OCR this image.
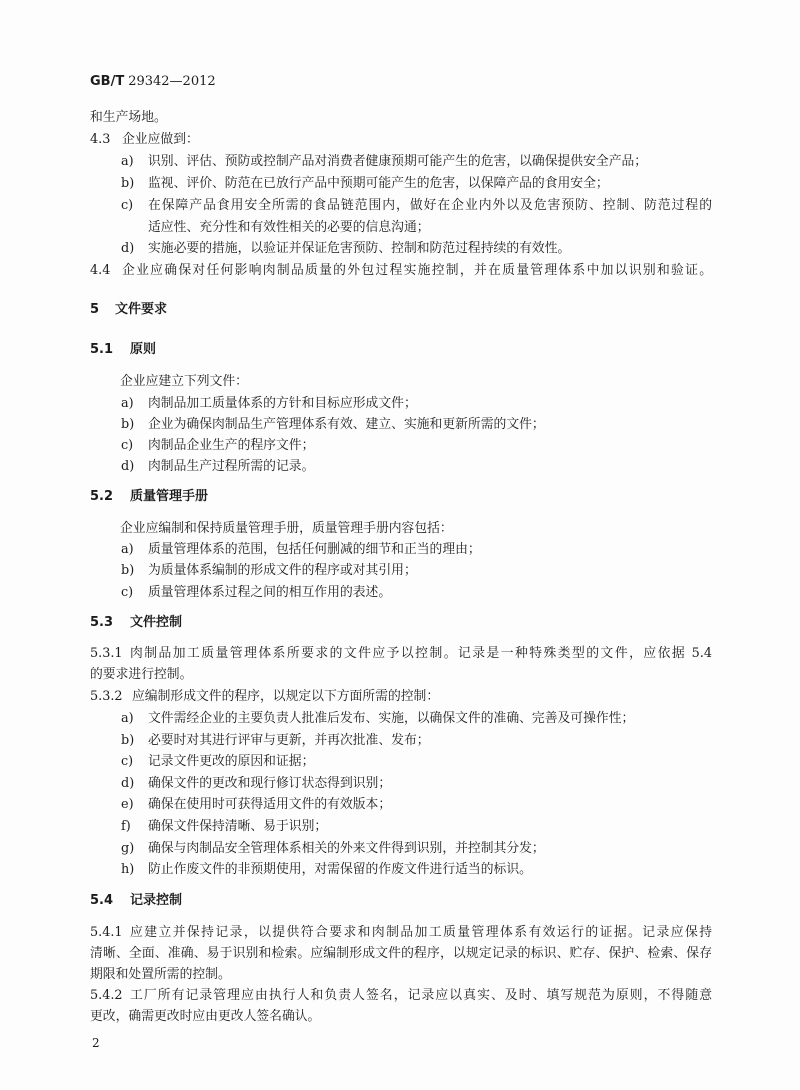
GB/T 29342—2012
和生产场地。
4.3 企业应做到：
a) 识别、评估、预防或控制产品对消费者健康预期可能产生的危害，以确保提供安全产品；
b) 监视、评价、防范在已放行产品中预期可能产生的危害，以保障产品的食用安全；
c)	在保障产品食用安全所需的食品链范围内，做好在企业内外以及危害预防、控制、防范过程的
适应性、充分性和有效性相关的必要的信息沟通；
d) 实施必要的措施，以验证并保证危害预防、控制和防范过程持续的有效性。
4.4 企业应确保对任何影响肉制品质量的外包过程实施控制，并在质量管理体系中加以识别和验证。
5 文件要求
5.1 原则
企业应建立下列文件：
a) 肉制品加工质量体系的方针和目标应形成文件；
b) 企业为确保肉制品生产管理体系有效、建立、实施和更新所需的文件；
c) 肉制品企业生产的程序文件；
d) 肉制品生产过程所需的记录。
5.2 质量管理手册
企业应编制和保持质量管理手册，质量管理手册内容包括：
a) 质量管理体系的范围，包括任何删减的细节和正当的理由；
b) 为质量体系编制的形成文件的程序或对其引用；
c) 质量管理体系过程之间的相互作用的表述。
5.3 文件控制
5.3.1 肉制品加工质量管理体系所要求的文件应予以控制。记录是一种特殊类型的文件，应依据 5.4
的要求进行控制。
5.3.2 应编制形成文件的程序，以规定以下方面所需的控制：
a) 文件需经企业的主要负责人批准后发布、实施，以确保文件的准确、完善及可操作性；
b) 必要时对其进行评审与更新，并再次批准、发布；
c) 记录文件更改的原因和证据；
d) 确保文件的更改和现行修订状态得到识别；
e) 确保在使用时可获得适用文件的有效版本；
f) 确保文件保持清晰、易于识别；
g) 确保与肉制品安全管理体系相关的外来文件得到识别，并控制其分发；
h) 防止作废文件的非预期使用，对需保留的作废文件进行适当的标识。
5.4 记录控制
5.4.1 应建立并保持记录，以提供符合要求和肉制品加工质量管理体系有效运行的证据。记录应保持
清晰、全面、准确、易于识别和检索。应编制形成文件的程序，以规定记录的标识、贮存、保护、检索、保存
期限和处置所需的控制。
5.4.2 工厂所有记录管理应由执行人和负责人签名，记录应以真实、及时、填写规范为原则，不得随意
更改，确需更改时应由更改人签名确认。
2
